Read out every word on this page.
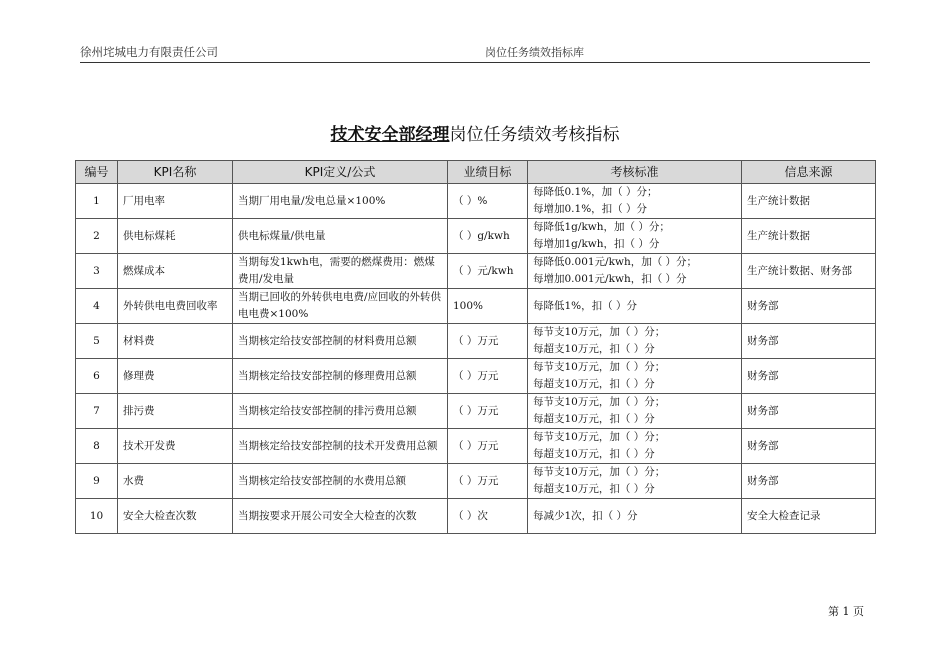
徐州垞城电力有限责任公司	岗位任务绩效指标库
技术安全部经理岗位任务绩效考核指标
编号	KPI名称	KPI定义/公式	业绩目标	考核标准	信息来源
1	厂用电率	当期厂用电量/发电总量×100%	（ ）%	每降低0.1%，加（ ）分；
每增加0.1%，扣（ ）分	生产统计数据
2	供电标煤耗	供电标煤量/供电量	（ ）g/kwh	每降低1g/kwh，加（ ）分；
每增加1g/kwh，扣（ ）分	生产统计数据
3	燃煤成本	当期每发1kwh电，需要的燃煤费用：燃煤费用/发电量	（ ）元/kwh	每降低0.001元/kwh，加（ ）分；
每增加0.001元/kwh，扣（ ）分	生产统计数据、财务部
4	外转供电电费回收率	当期已回收的外转供电电费/应回收的外转供电电费×100%	100%	每降低1%，扣（ ）分	财务部
5	材料费	当期核定给技安部控制的材料费用总额	（ ）万元	每节支10万元，加（ ）分；
每超支10万元，扣（ ）分	财务部
6	修理费	当期核定给技安部控制的修理费用总额	（ ）万元	每节支10万元，加（ ）分；
每超支10万元，扣（ ）分	财务部
7	排污费	当期核定给技安部控制的排污费用总额	（ ）万元	每节支10万元，加（ ）分；
每超支10万元，扣（ ）分	财务部
8	技术开发费	当期核定给技安部控制的技术开发费用总额	（ ）万元	每节支10万元，加（ ）分；
每超支10万元，扣（ ）分	财务部
9	水费	当期核定给技安部控制的水费用总额	（ ）万元	每节支10万元，加（ ）分；
每超支10万元，扣（ ）分	财务部
10	安全大检查次数	当期按要求开展公司安全大检查的次数	（ ）次	每减少1次，扣（ ）分	安全大检查记录
第 1 页
